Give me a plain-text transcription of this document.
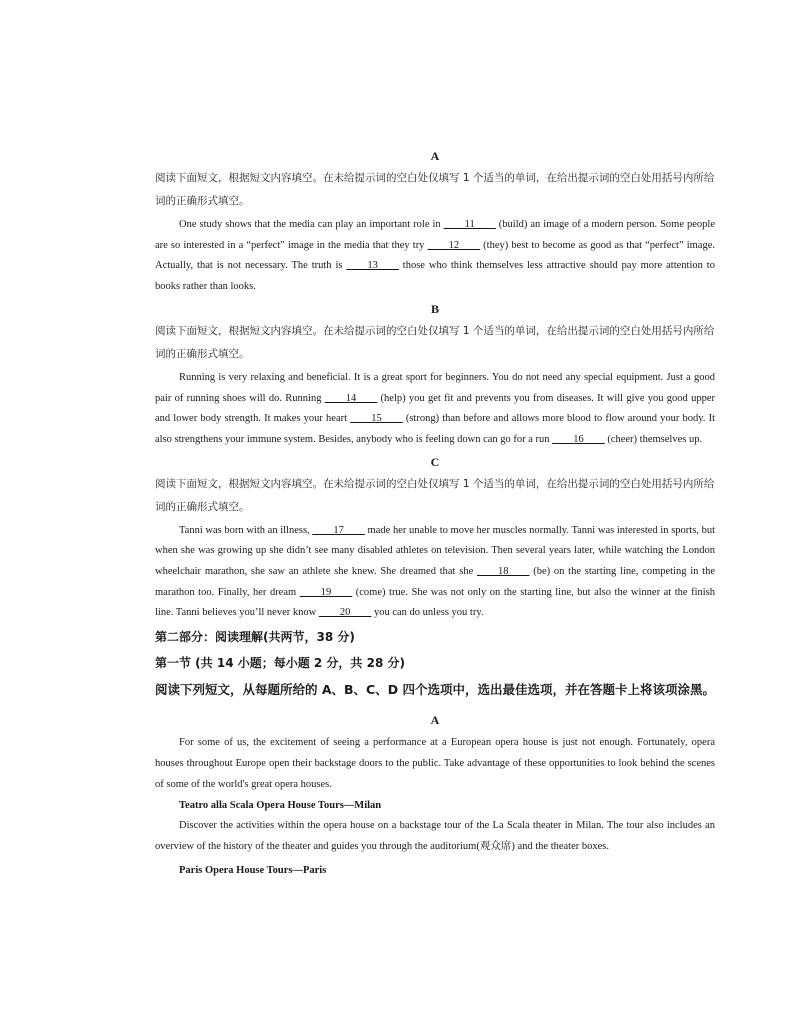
A
阅读下面短文，根据短文内容填空。在未给提示词的空白处仅填写 1 个适当的单词，在给出提示词的空白处用括号内所给词的正确形式填空。

One study shows that the media can play an important role in ____11____ (build) an image of a modern person. Some people are so interested in a “perfect” image in the media that they try ____12____ (they) best to become as good as that “perfect” image. Actually, that is not necessary. The truth is ____13____ those who think themselves less attractive should pay more attention to books rather than looks.

B
阅读下面短文，根据短文内容填空。在未给提示词的空白处仅填写 1 个适当的单词，在给出提示词的空白处用括号内所给词的正确形式填空。

Running is very relaxing and beneficial. It is a great sport for beginners. You do not need any special equipment. Just a good pair of running shoes will do. Running ____14____ (help) you get fit and prevents you from diseases. It will give you good upper and lower body strength. It makes your heart ____15____ (strong) than before and allows more blood to flow around your body. It also strengthens your immune system. Besides, anybody who is feeling down can go for a run ____16____ (cheer) themselves up.

C
阅读下面短文，根据短文内容填空。在未给提示词的空白处仅填写 1 个适当的单词，在给出提示词的空白处用括号内所给词的正确形式填空。

Tanni was born with an illness, ____17____ made her unable to move her muscles normally. Tanni was interested in sports, but when she was growing up she didn’t see many disabled athletes on television. Then several years later, while watching the London wheelchair marathon, she saw an athlete she knew. She dreamed that she ____18____ (be) on the starting line, competing in the marathon too. Finally, her dream ____19____ (come) true. She was not only on the starting line, but also the winner at the finish line. Tanni believes you’ll never know ____20____ you can do unless you try.

第二部分：阅读理解(共两节，38 分)
第一节 (共 14 小题；每小题 2 分，共 28 分)
阅读下列短文，从每题所给的 A、B、C、D 四个选项中，选出最佳选项，并在答题卡上将该项涂黑。
A

For some of us, the excitement of seeing a performance at a European opera house is just not enough. Fortunately, opera houses throughout Europe open their backstage doors to the public. Take advantage of these opportunities to look behind the scenes of some of the world's great opera houses.

Teatro alla Scala Opera House Tours—Milan

Discover the activities within the opera house on a backstage tour of the La Scala theater in Milan. The tour also includes an overview of the history of the theater and guides you through the auditorium(观众席) and the theater boxes.

Paris Opera House Tours—Paris
